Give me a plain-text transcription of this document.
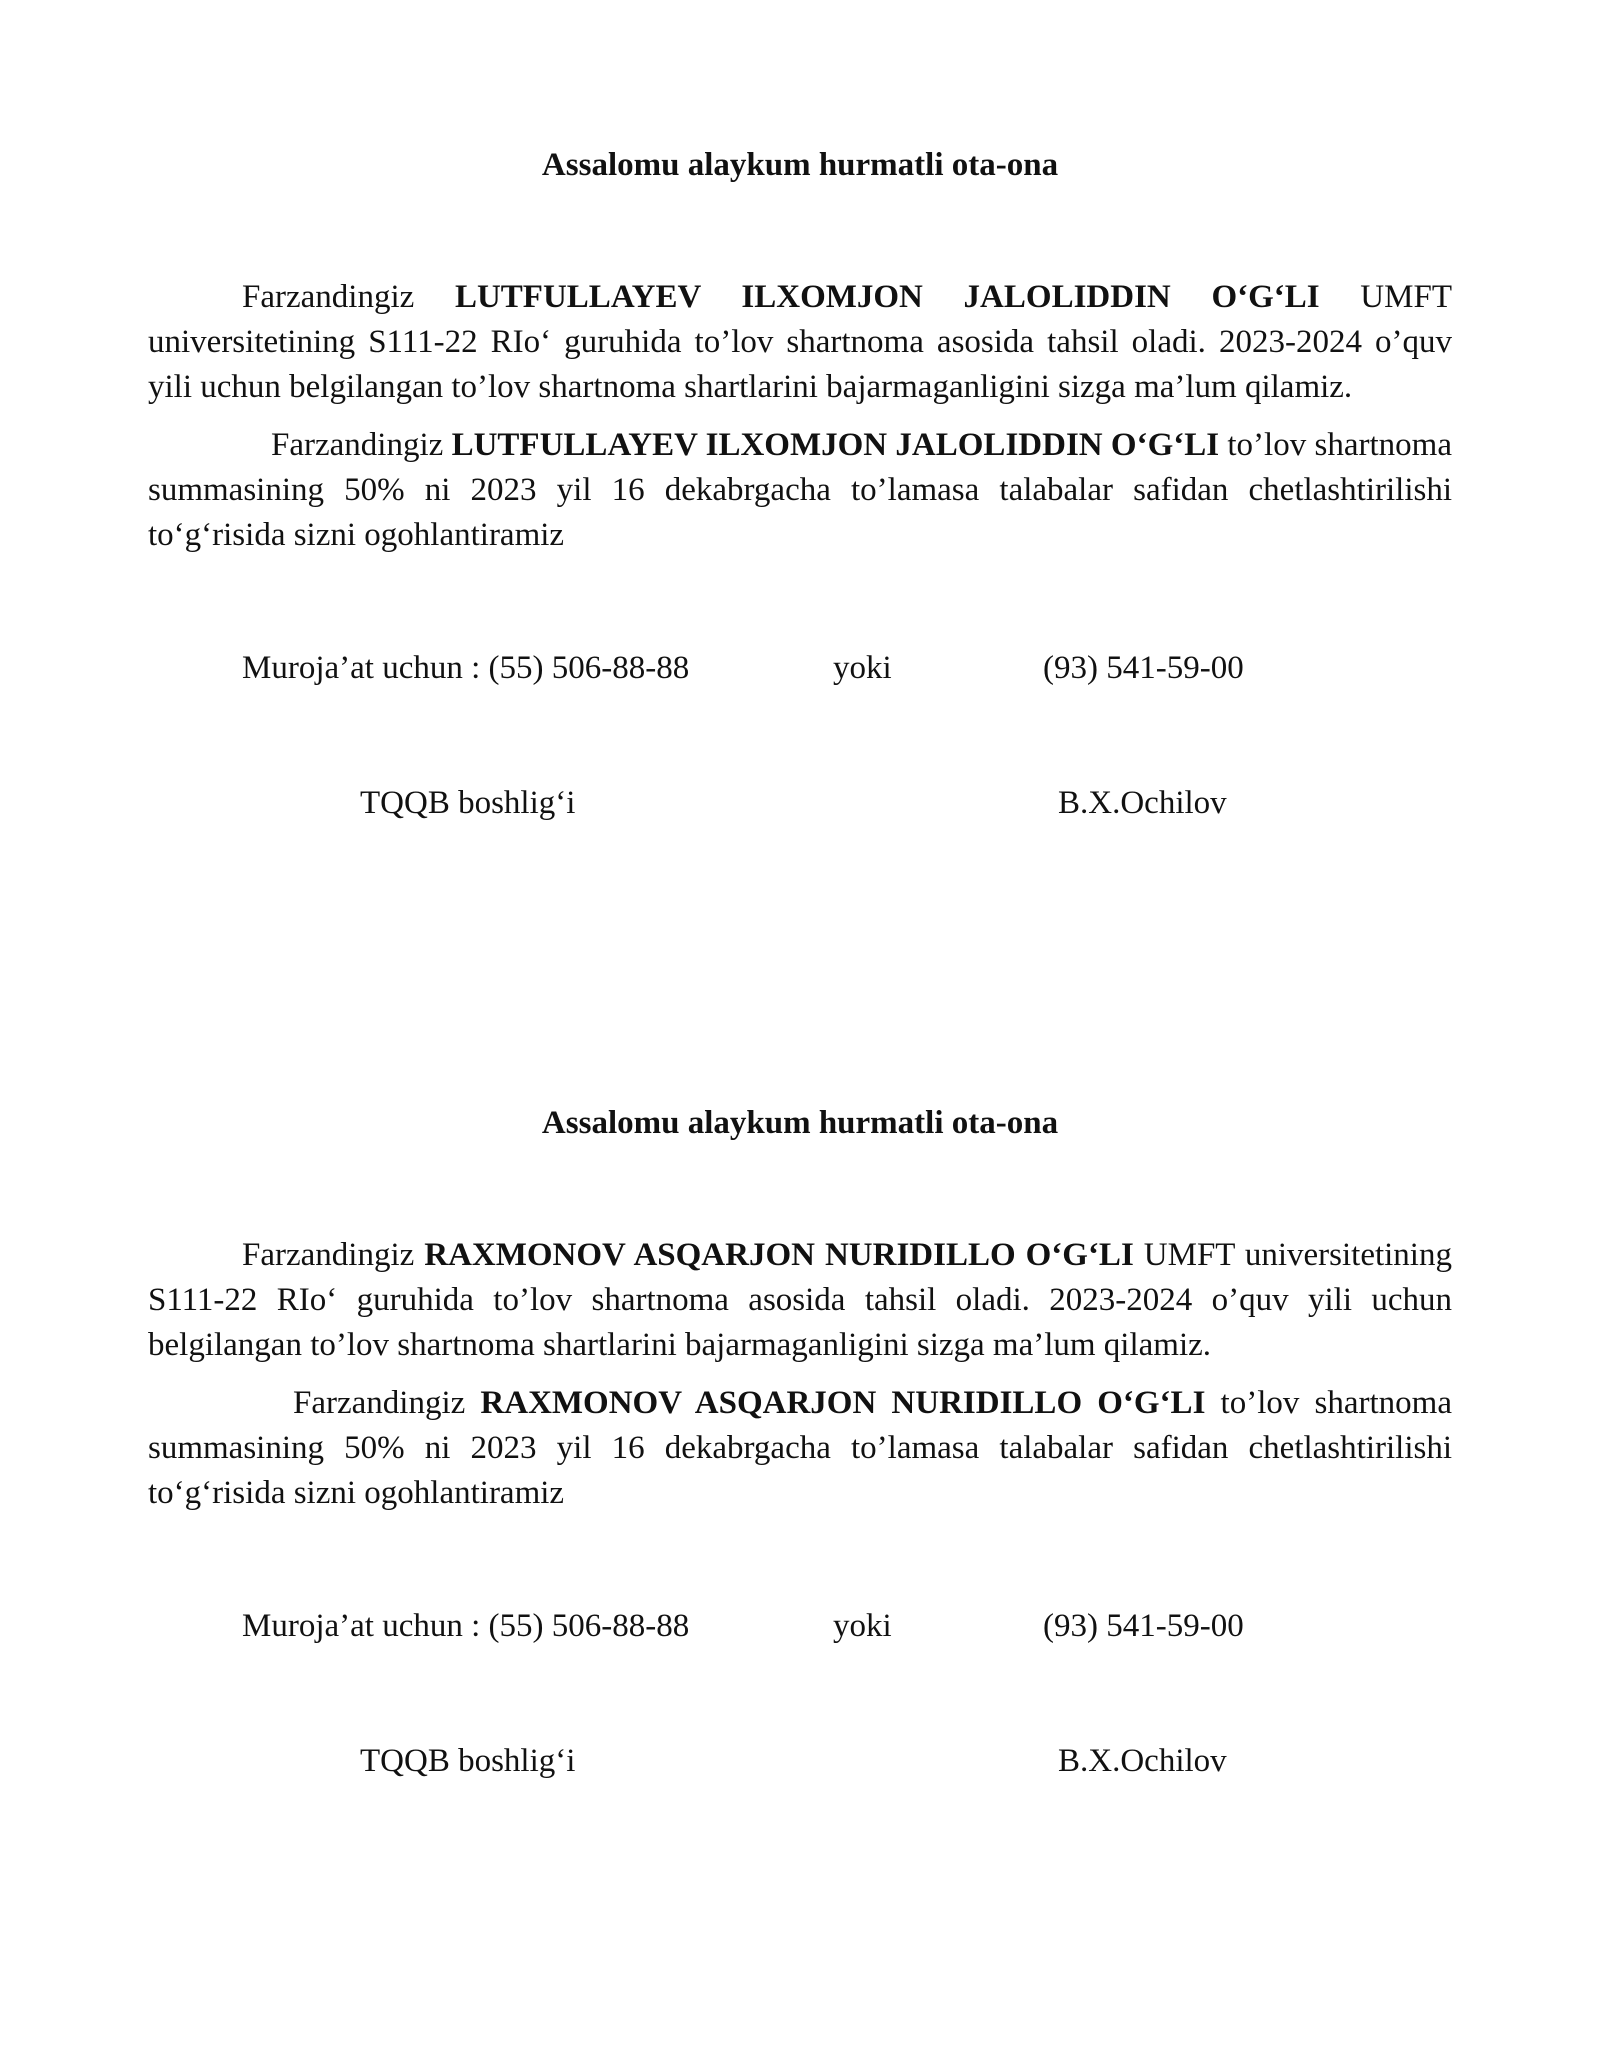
Assalomu alaykum hurmatli ota-ona

Farzandingiz LUTFULLAYEV ILXOMJON JALOLIDDIN O‘G‘LI UMFT universitetining S111-22 RIo‘ guruhida to’lov shartnoma asosida tahsil oladi. 2023-2024 o’quv yili uchun belgilangan to’lov shartnoma shartlarini bajarmaganligini sizga ma’lum qilamiz.

Farzandingiz LUTFULLAYEV ILXOMJON JALOLIDDIN O‘G‘LI to’lov shartnoma summasining 50% ni 2023 yil 16 dekabrgacha to’lamasa talabalar safidan chetlashtirilishi to‘g‘risida sizni ogohlantiramiz

Muroja’at uchun : (55) 506-88-88	yoki	(93) 541-59-00
TQQB boshlig‘i	B.X.Ochilov

Assalomu alaykum hurmatli ota-ona

Farzandingiz RAXMONOV ASQARJON NURIDILLO O‘G‘LI UMFT universitetining S111-22 RIo‘ guruhida to’lov shartnoma asosida tahsil oladi. 2023-2024 o’quv yili uchun belgilangan to’lov shartnoma shartlarini bajarmaganligini sizga ma’lum qilamiz.

Farzandingiz RAXMONOV ASQARJON NURIDILLO O‘G‘LI to’lov shartnoma summasining 50% ni 2023 yil 16 dekabrgacha to’lamasa talabalar safidan chetlashtirilishi to‘g‘risida sizni ogohlantiramiz

Muroja’at uchun : (55) 506-88-88	yoki	(93) 541-59-00
TQQB boshlig‘i	B.X.Ochilov
